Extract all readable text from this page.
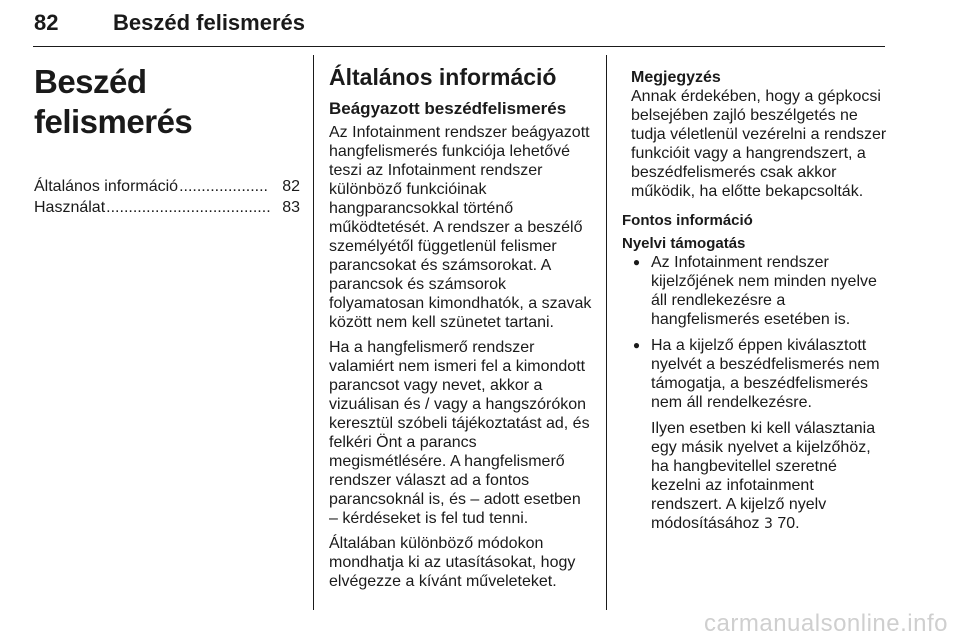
82 Beszéd felismerés
Beszéd felismerés
Általános információ .................... 82
Használat ..................................... 83
Általános információ
Beágyazott beszédfelismerés

Az Infotainment rendszer beágyazott hangfelismerés funkciója lehetővé teszi az Infotainment rendszer különböző funkcióinak hangparancsokkal történő működtetését. A rendszer a beszélő személyétől függetlenül felismer parancsokat és számsorokat. A parancsok és számsorok folyamatosan kimondhatók, a szavak között nem kell szünetet tartani.

Ha a hangfelismerő rendszer valamiért nem ismeri fel a kimondott parancsot vagy nevet, akkor a vizuálisan és / vagy a hangszórókon keresztül szóbeli tájékoztatást ad, és felkéri Önt a parancs megismétlésére. A hangfelismerő rendszer választ ad a fontos parancsoknál is, és – adott esetben – kérdéseket is fel tud tenni.

Általában különböző módokon mondhatja ki az utasításokat, hogy elvégezze a kívánt műveleteket.

Megjegyzés
Annak érdekében, hogy a gépkocsi belsejében zajló beszélgetés ne tudja véletlenül vezérelni a rendszer funkcióit vagy a hangrendszert, a beszédfelismerés csak akkor működik, ha előtte bekapcsolták.
Fontos információ
Nyelvi támogatás
● Az Infotainment rendszer kijelzőjének nem minden nyelve áll rendlekezésre a hangfelismerés esetében is.
● Ha a kijelző éppen kiválasztott nyelvét a beszédfelismerés nem támogatja, a beszédfelismerés nem áll rendelkezésre.
Ilyen esetben ki kell választania egy másik nyelvet a kijelzőhöz, ha hangbevitellel szeretné kezelni az infotainment rendszert. A kijelző nyelv módosításához 3 70.
carmanualsonline.info
